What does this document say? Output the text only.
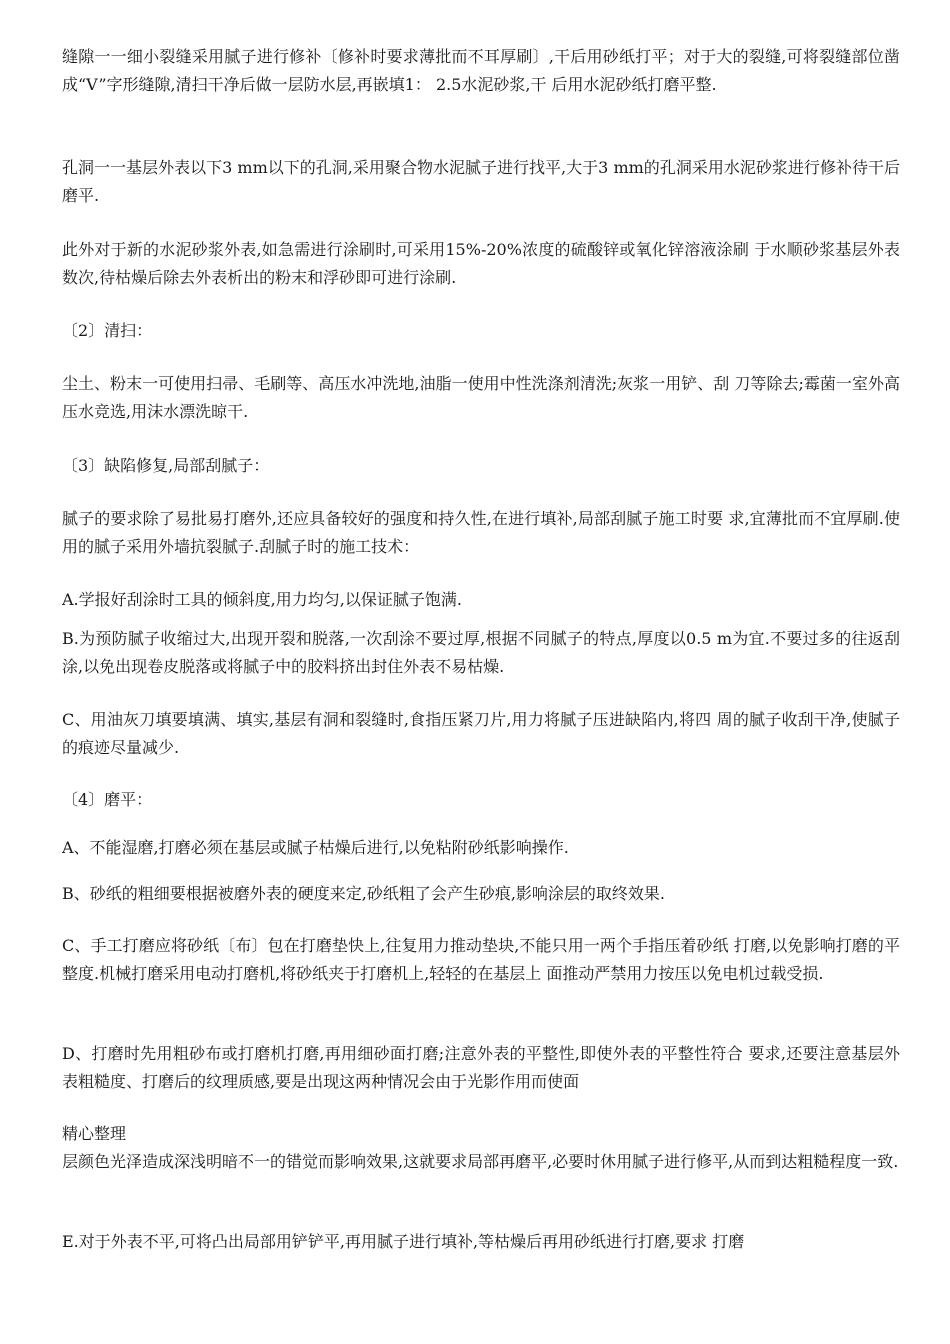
缝隙一一细小裂缝采用腻子进行修补〔修补时要求薄批而不耳厚刷〕,干后用砂纸打平；对于大的裂缝,可将裂缝部位凿成“V”字形缝隙,清扫干净后做一层防水层,再嵌填1： 2.5水泥砂浆,干 后用水泥砂纸打磨平整.

孔洞一一基层外表以下3 mm以下的孔洞,采用聚合物水泥腻子进行找平,大于3 mm的孔洞采用水泥砂浆进行修补待干后磨平.

此外对于新的水泥砂浆外表,如急需进行涂刷时,可采用15%-20%浓度的硫酸锌或氧化锌溶液涂刷 于水顺砂浆基层外表数次,待枯燥后除去外表析出的粉末和浮砂即可进行涂刷.

〔2〕清扫：

尘土、粉末一可使用扫帚、毛刷等、高压水冲洗地,油脂一使用中性洗涤剂清洗;灰浆一用铲、刮 刀等除去;霉菌一室外高压水竞选,用沫水漂洗晾干.

〔3〕缺陷修复,局部刮腻子：

腻子的要求除了易批易打磨外,还应具备较好的强度和持久性,在进行填补,局部刮腻子施工时要 求,宜薄批而不宜厚刷.使用的腻子采用外墙抗裂腻子.刮腻子时的施工技术：

A.学报好刮涂时工具的倾斜度,用力均匀,以保证腻子饱满.

B.为预防腻子收缩过大,出现开裂和脱落,一次刮涂不要过厚,根据不同腻子的特点,厚度以0.5 m为宜.不要过多的往返刮涂,以免出现卷皮脱落或将腻子中的胶料挤出封住外表不易枯燥.

C、用油灰刀填要填满、填实,基层有洞和裂缝时,食指压紧刀片,用力将腻子压进缺陷内,将四 周的腻子收刮干净,使腻子的痕迹尽量减少.

〔4〕磨平：

A、不能湿磨,打磨必须在基层或腻子枯燥后进行,以免粘附砂纸影响操作.

B、砂纸的粗细要根据被磨外表的硬度来定,砂纸粗了会产生砂痕,影响涂层的取终效果.

C、手工打磨应将砂纸〔布〕包在打磨垫快上,往复用力推动垫块,不能只用一两个手指压着砂纸 打磨,以免影响打磨的平整度.机械打磨采用电动打磨机,将砂纸夹于打磨机上,轻轻的在基层上 面推动严禁用力按压以免电机过载受损.

D、打磨时先用粗砂布或打磨机打磨,再用细砂面打磨;注意外表的平整性,即使外表的平整性符合 要求,还要注意基层外表粗糙度、打磨后的纹理质感,要是出现这两种情况会由于光影作用而使面

精心整理

层颜色光泽造成深浅明暗不一的错觉而影响效果,这就要求局部再磨平,必要时休用腻子进行修平,从而到达粗糙程度一致.

E.对于外表不平,可将凸出局部用铲铲平,再用腻子进行填补,等枯燥后再用砂纸进行打磨,要求 打磨
